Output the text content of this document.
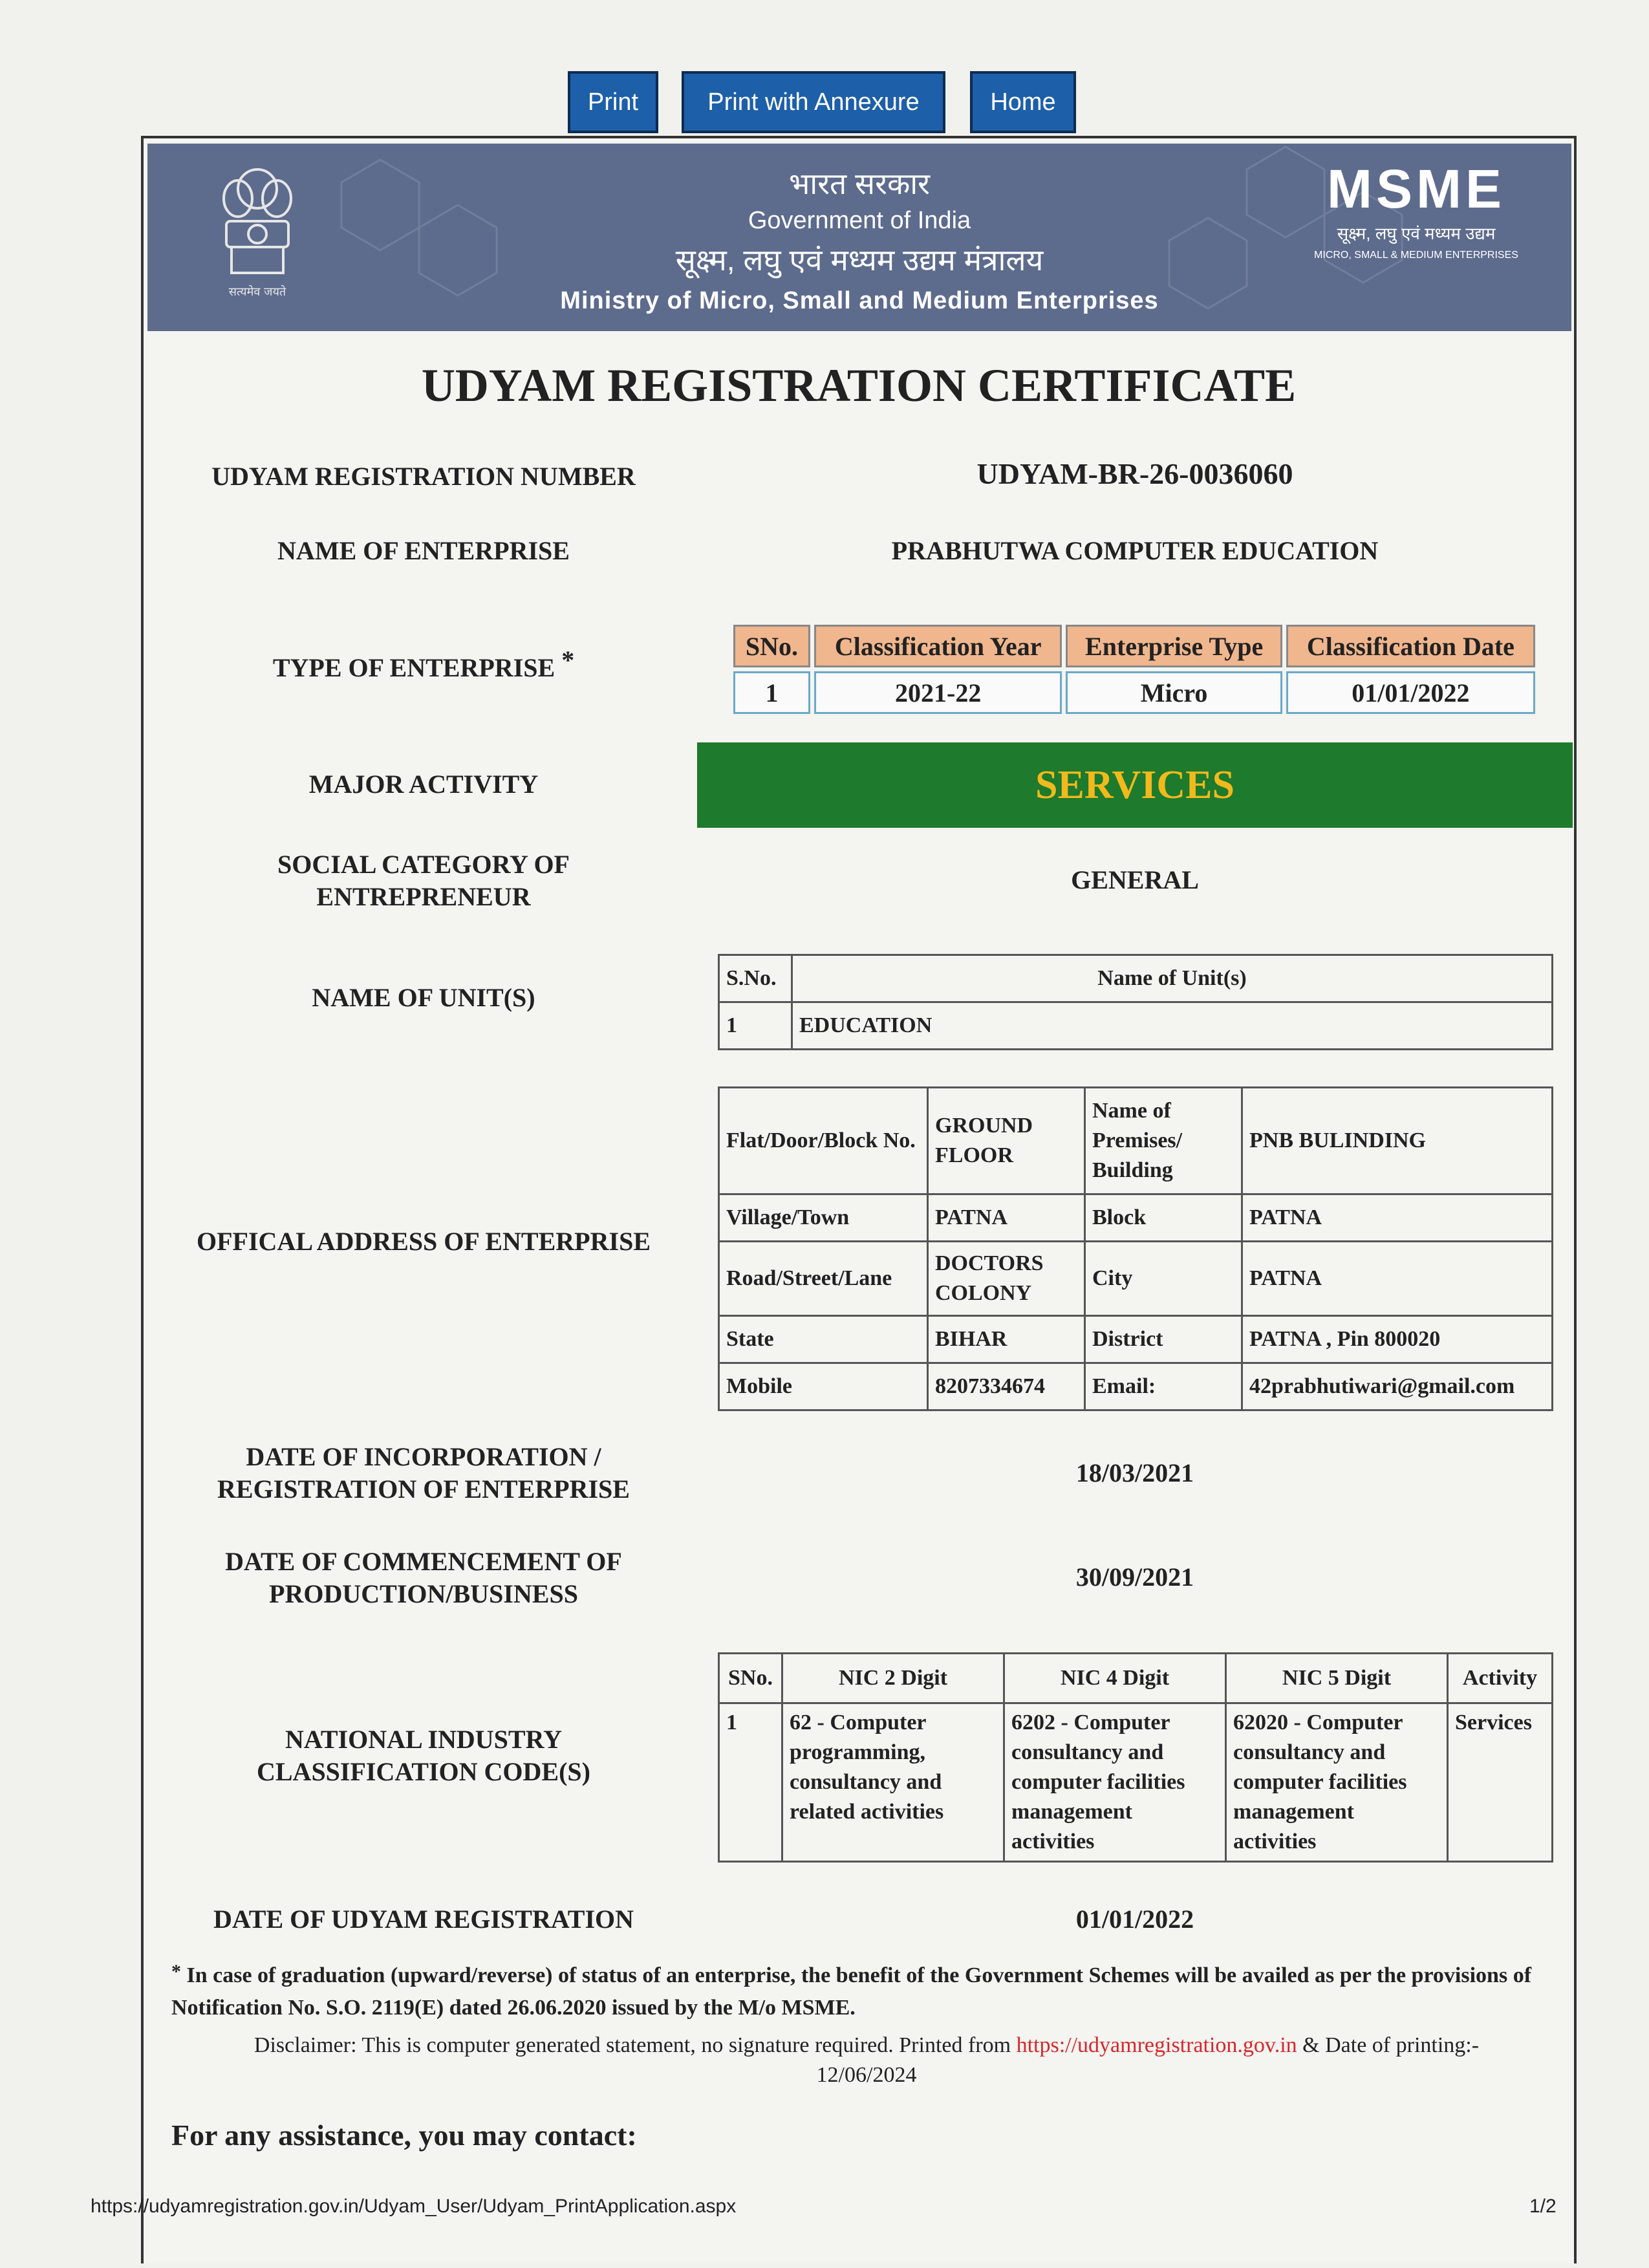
Print	Print with Annexure	Home
सत्यमेव जयते
भारत सरकार
Government of India
सूक्ष्म, लघु एवं मध्यम उद्यम मंत्रालय
Ministry of Micro, Small and Medium Enterprises
MSME
सूक्ष्म, लघु एवं मध्यम उद्यम
MICRO, SMALL & MEDIUM ENTERPRISES
UDYAM REGISTRATION CERTIFICATE
UDYAM REGISTRATION NUMBER	UDYAM-BR-26-0036060
NAME OF ENTERPRISE	PRABHUTWA COMPUTER EDUCATION
TYPE OF ENTERPRISE *	SNo.	Classification Year	Enterprise Type	Classification Date
1	2021-22	Micro	01/01/2022
MAJOR ACTIVITY	SERVICES
SOCIAL CATEGORY OF
ENTREPRENEUR
GENERAL
NAME OF UNIT(S)
S.No.	Name of Unit(s)
1	EDUCATION
OFFICAL ADDRESS OF ENTERPRISE
Flat/Door/Block No.	GROUND FLOOR	Name of Premises/ Building	PNB BULINDING
Village/Town	PATNA	Block	PATNA
Road/Street/Lane	DOCTORS COLONY	City	PATNA
State	BIHAR	District	PATNA , Pin 800020
Mobile	8207334674	Email:	42prabhutiwari@gmail.com
DATE OF INCORPORATION /
REGISTRATION OF ENTERPRISE
18/03/2021
DATE OF COMMENCEMENT OF
PRODUCTION/BUSINESS
30/09/2021
NATIONAL INDUSTRY
CLASSIFICATION CODE(S)
SNo.	NIC 2 Digit	NIC 4 Digit	NIC 5 Digit	Activity
1	62 - Computer programming, consultancy and related activities	6202 - Computer consultancy and computer facilities management activities	62020 - Computer consultancy and computer facilities management activities	Services
DATE OF UDYAM REGISTRATION	01/01/2022
* In case of graduation (upward/reverse) of status of an enterprise, the benefit of the Government Schemes will be availed as per the provisions of Notification No. S.O. 2119(E) dated 26.06.2020 issued by the M/o MSME.
Disclaimer: This is computer generated statement, no signature required. Printed from https://udyamregistration.gov.in & Date of printing:-
12/06/2024
For any assistance, you may contact:
https://udyamregistration.gov.in/Udyam_User/Udyam_PrintApplication.aspx	1/2
